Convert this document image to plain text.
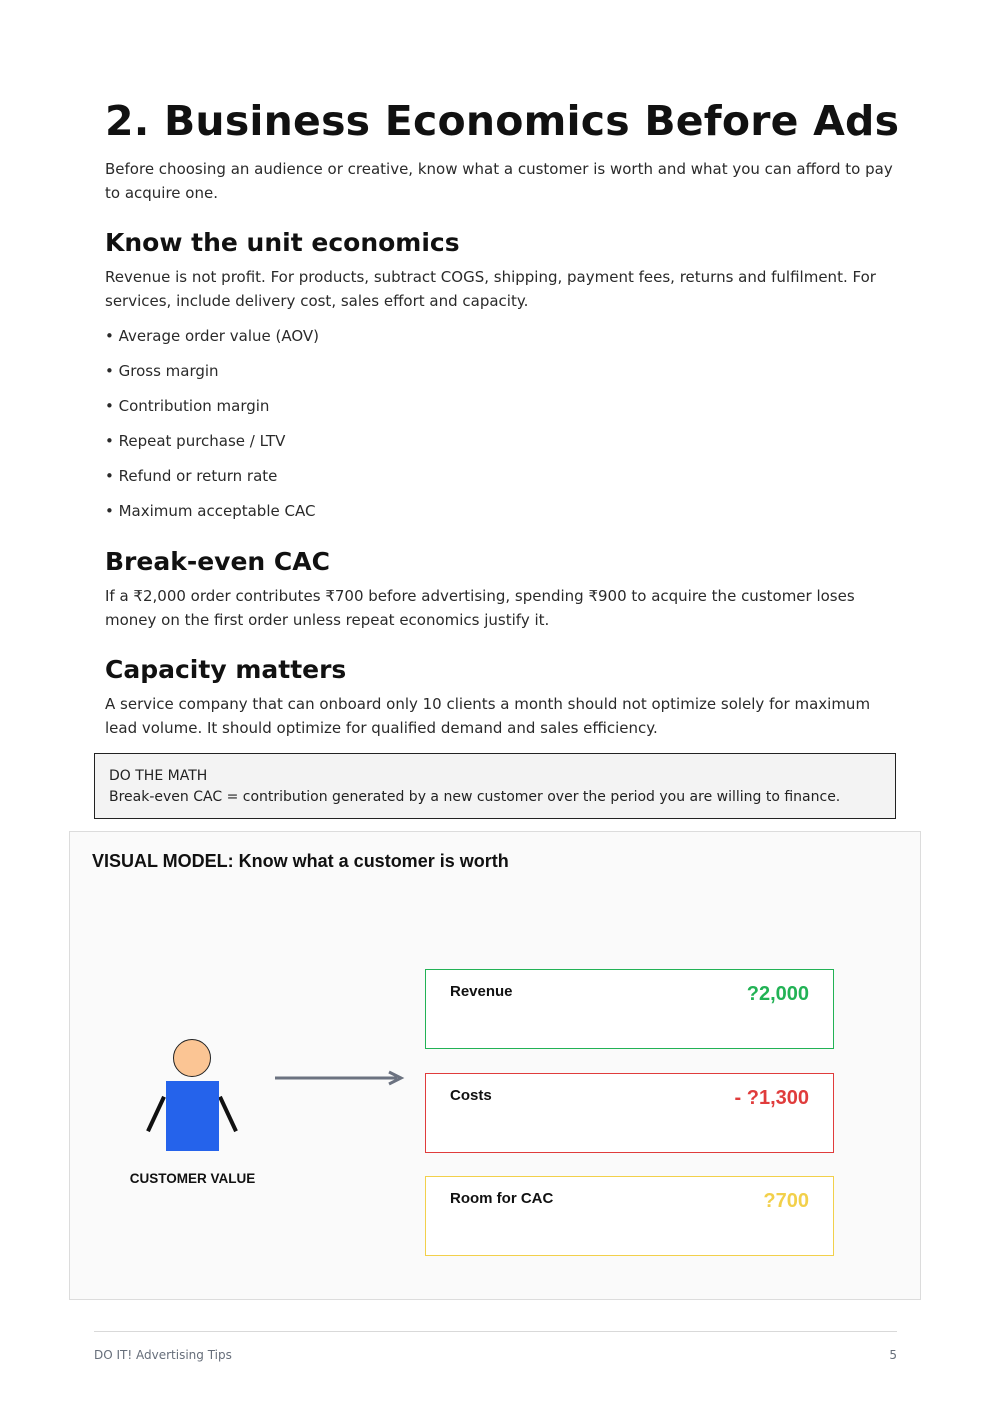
2. Business Economics Before Ads

Before choosing an audience or creative, know what a customer is worth and what you can afford to pay to acquire one.

Know the unit economics

Revenue is not profit. For products, subtract COGS, shipping, payment fees, returns and fulfilment. For services, include delivery cost, sales effort and capacity.

• Average order value (AOV)
• Gross margin
• Contribution margin
• Repeat purchase / LTV
• Refund or return rate
• Maximum acceptable CAC
Break-even CAC

If a ₹2,000 order contributes ₹700 before advertising, spending ₹900 to acquire the customer loses money on the first order unless repeat economics justify it.

Capacity matters

A service company that can onboard only 10 clients a month should not optimize solely for maximum lead volume. It should optimize for qualified demand and sales efficiency.

DO THE MATH
Break-even CAC = contribution generated by a new customer over the period you are willing to finance.
VISUAL MODEL: Know what a customer is worth
CUSTOMER VALUE
Revenue	?2,000
Costs	- ?1,300
Room for CAC	?700
DO IT! Advertising Tips	5
